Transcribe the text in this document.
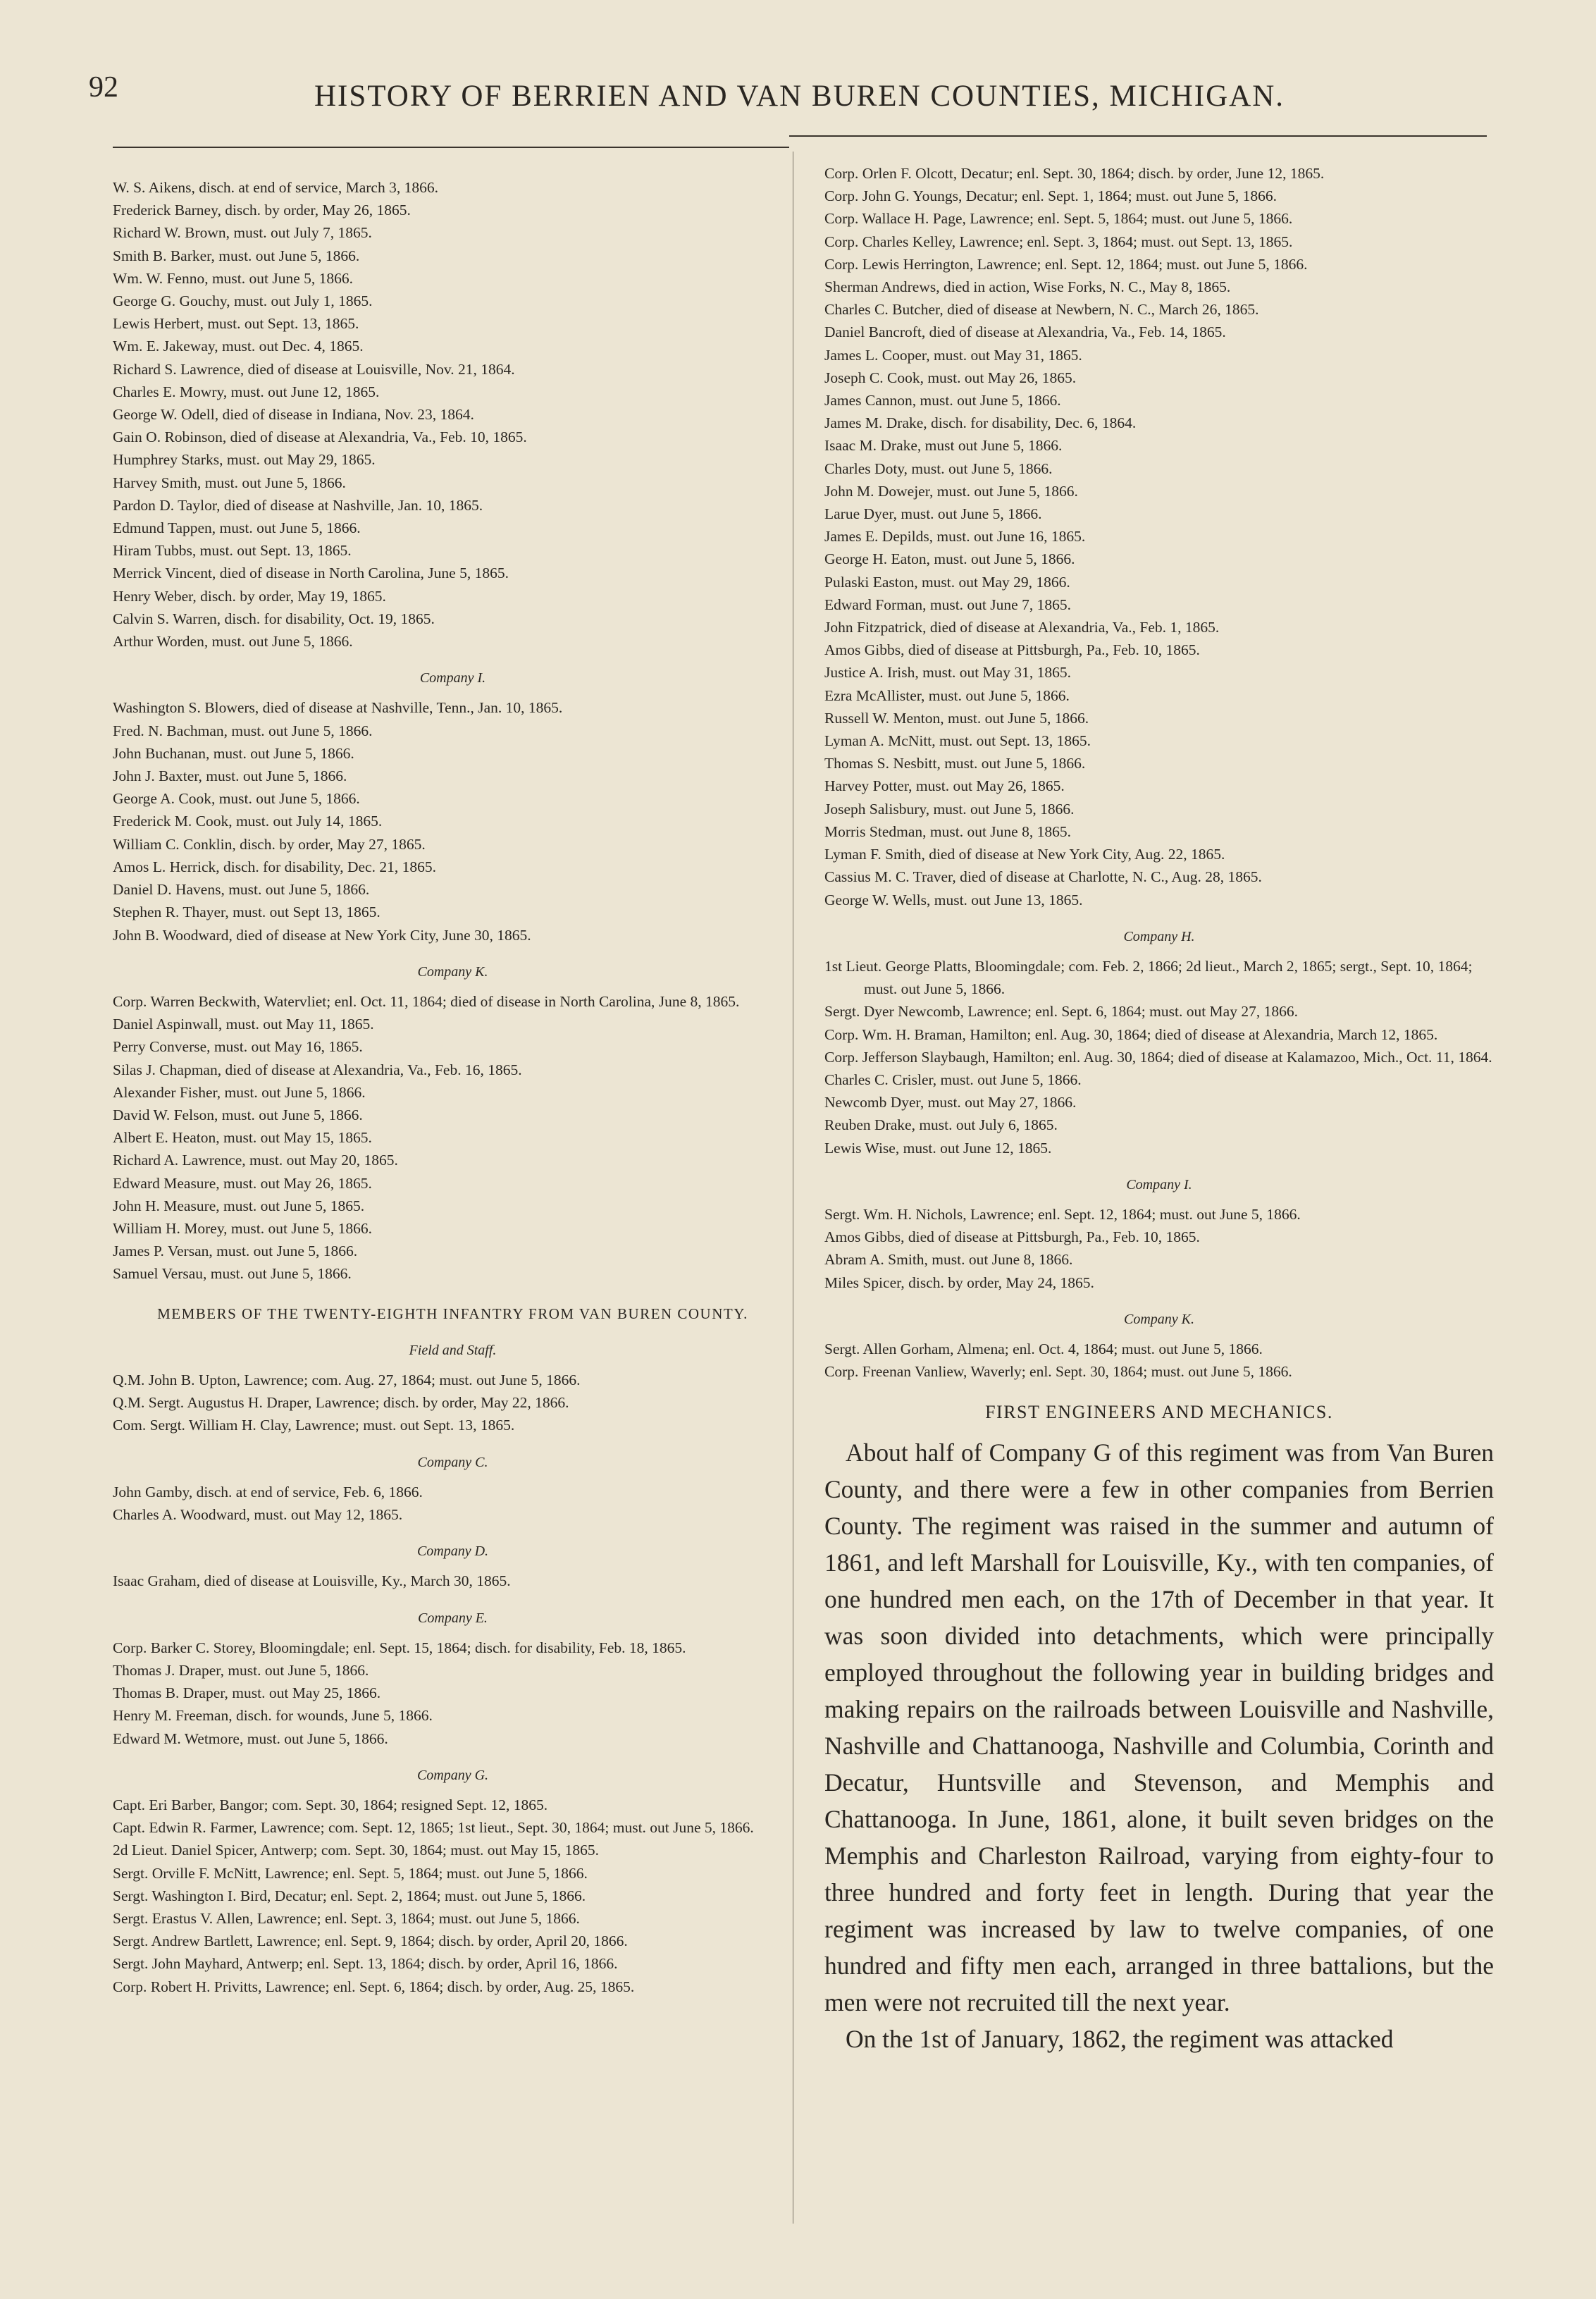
92	HISTORY OF BERRIEN AND VAN BUREN COUNTIES, MICHIGAN.

W. S. Aikens, disch. at end of service, March 3, 1866.

Frederick Barney, disch. by order, May 26, 1865.

Richard W. Brown, must. out July 7, 1865.

Smith B. Barker, must. out June 5, 1866.

Wm. W. Fenno, must. out June 5, 1866.

George G. Gouchy, must. out July 1, 1865.

Lewis Herbert, must. out Sept. 13, 1865.

Wm. E. Jakeway, must. out Dec. 4, 1865.

Richard S. Lawrence, died of disease at Louisville, Nov. 21, 1864.

Charles E. Mowry, must. out June 12, 1865.

George W. Odell, died of disease in Indiana, Nov. 23, 1864.

Gain O. Robinson, died of disease at Alexandria, Va., Feb. 10, 1865.

Humphrey Starks, must. out May 29, 1865.

Harvey Smith, must. out June 5, 1866.

Pardon D. Taylor, died of disease at Nashville, Jan. 10, 1865.

Edmund Tappen, must. out June 5, 1866.

Hiram Tubbs, must. out Sept. 13, 1865.

Merrick Vincent, died of disease in North Carolina, June 5, 1865.

Henry Weber, disch. by order, May 19, 1865.

Calvin S. Warren, disch. for disability, Oct. 19, 1865.

Arthur Worden, must. out June 5, 1866.

Company I.

Washington S. Blowers, died of disease at Nashville, Tenn., Jan. 10, 1865.

Fred. N. Bachman, must. out June 5, 1866.

John Buchanan, must. out June 5, 1866.

John J. Baxter, must. out June 5, 1866.

George A. Cook, must. out June 5, 1866.

Frederick M. Cook, must. out July 14, 1865.

William C. Conklin, disch. by order, May 27, 1865.

Amos L. Herrick, disch. for disability, Dec. 21, 1865.

Daniel D. Havens, must. out June 5, 1866.

Stephen R. Thayer, must. out Sept 13, 1865.

John B. Woodward, died of disease at New York City, June 30, 1865.

Company K.

Corp. Warren Beckwith, Watervliet; enl. Oct. 11, 1864; died of disease in North Carolina, June 8, 1865.

Daniel Aspinwall, must. out May 11, 1865.

Perry Converse, must. out May 16, 1865.

Silas J. Chapman, died of disease at Alexandria, Va., Feb. 16, 1865.

Alexander Fisher, must. out June 5, 1866.

David W. Felson, must. out June 5, 1866.

Albert E. Heaton, must. out May 15, 1865.

Richard A. Lawrence, must. out May 20, 1865.

Edward Measure, must. out May 26, 1865.

John H. Measure, must. out June 5, 1865.

William H. Morey, must. out June 5, 1866.

James P. Versan, must. out June 5, 1866.

Samuel Versau, must. out June 5, 1866.

MEMBERS OF THE TWENTY-EIGHTH INFANTRY FROM VAN BUREN COUNTY.

Field and Staff.

Q.M. John B. Upton, Lawrence; com. Aug. 27, 1864; must. out June 5, 1866.

Q.M. Sergt. Augustus H. Draper, Lawrence; disch. by order, May 22, 1866.

Com. Sergt. William H. Clay, Lawrence; must. out Sept. 13, 1865.

Company C.

John Gamby, disch. at end of service, Feb. 6, 1866.

Charles A. Woodward, must. out May 12, 1865.

Company D.

Isaac Graham, died of disease at Louisville, Ky., March 30, 1865.

Company E.

Corp. Barker C. Storey, Bloomingdale; enl. Sept. 15, 1864; disch. for disability, Feb. 18, 1865.

Thomas J. Draper, must. out June 5, 1866.

Thomas B. Draper, must. out May 25, 1866.

Henry M. Freeman, disch. for wounds, June 5, 1866.

Edward M. Wetmore, must. out June 5, 1866.

Company G.

Capt. Eri Barber, Bangor; com. Sept. 30, 1864; resigned Sept. 12, 1865.

Capt. Edwin R. Farmer, Lawrence; com. Sept. 12, 1865; 1st lieut., Sept. 30, 1864; must. out June 5, 1866.

2d Lieut. Daniel Spicer, Antwerp; com. Sept. 30, 1864; must. out May 15, 1865.

Sergt. Orville F. McNitt, Lawrence; enl. Sept. 5, 1864; must. out June 5, 1866.

Sergt. Washington I. Bird, Decatur; enl. Sept. 2, 1864; must. out June 5, 1866.

Sergt. Erastus V. Allen, Lawrence; enl. Sept. 3, 1864; must. out June 5, 1866.

Sergt. Andrew Bartlett, Lawrence; enl. Sept. 9, 1864; disch. by order, April 20, 1866.

Sergt. John Mayhard, Antwerp; enl. Sept. 13, 1864; disch. by order, April 16, 1866.

Corp. Robert H. Privitts, Lawrence; enl. Sept. 6, 1864; disch. by order, Aug. 25, 1865.

Corp. Orlen F. Olcott, Decatur; enl. Sept. 30, 1864; disch. by order, June 12, 1865.

Corp. John G. Youngs, Decatur; enl. Sept. 1, 1864; must. out June 5, 1866.

Corp. Wallace H. Page, Lawrence; enl. Sept. 5, 1864; must. out June 5, 1866.

Corp. Charles Kelley, Lawrence; enl. Sept. 3, 1864; must. out Sept. 13, 1865.

Corp. Lewis Herrington, Lawrence; enl. Sept. 12, 1864; must. out June 5, 1866.

Sherman Andrews, died in action, Wise Forks, N. C., May 8, 1865.

Charles C. Butcher, died of disease at Newbern, N. C., March 26, 1865.

Daniel Bancroft, died of disease at Alexandria, Va., Feb. 14, 1865.

James L. Cooper, must. out May 31, 1865.

Joseph C. Cook, must. out May 26, 1865.

James Cannon, must. out June 5, 1866.

James M. Drake, disch. for disability, Dec. 6, 1864.

Isaac M. Drake, must out June 5, 1866.

Charles Doty, must. out June 5, 1866.

John M. Dowejer, must. out June 5, 1866.

Larue Dyer, must. out June 5, 1866.

James E. Depilds, must. out June 16, 1865.

George H. Eaton, must. out June 5, 1866.

Pulaski Easton, must. out May 29, 1866.

Edward Forman, must. out June 7, 1865.

John Fitzpatrick, died of disease at Alexandria, Va., Feb. 1, 1865.

Amos Gibbs, died of disease at Pittsburgh, Pa., Feb. 10, 1865.

Justice A. Irish, must. out May 31, 1865.

Ezra McAllister, must. out June 5, 1866.

Russell W. Menton, must. out June 5, 1866.

Lyman A. McNitt, must. out Sept. 13, 1865.

Thomas S. Nesbitt, must. out June 5, 1866.

Harvey Potter, must. out May 26, 1865.

Joseph Salisbury, must. out June 5, 1866.

Morris Stedman, must. out June 8, 1865.

Lyman F. Smith, died of disease at New York City, Aug. 22, 1865.

Cassius M. C. Traver, died of disease at Charlotte, N. C., Aug. 28, 1865.

George W. Wells, must. out June 13, 1865.

Company H.

1st Lieut. George Platts, Bloomingdale; com. Feb. 2, 1866; 2d lieut., March 2, 1865; sergt., Sept. 10, 1864; must. out June 5, 1866.

Sergt. Dyer Newcomb, Lawrence; enl. Sept. 6, 1864; must. out May 27, 1866.

Corp. Wm. H. Braman, Hamilton; enl. Aug. 30, 1864; died of disease at Alexandria, March 12, 1865.

Corp. Jefferson Slaybaugh, Hamilton; enl. Aug. 30, 1864; died of disease at Kalamazoo, Mich., Oct. 11, 1864.

Charles C. Crisler, must. out June 5, 1866.

Newcomb Dyer, must. out May 27, 1866.

Reuben Drake, must. out July 6, 1865.

Lewis Wise, must. out June 12, 1865.

Company I.

Sergt. Wm. H. Nichols, Lawrence; enl. Sept. 12, 1864; must. out June 5, 1866.

Amos Gibbs, died of disease at Pittsburgh, Pa., Feb. 10, 1865.

Abram A. Smith, must. out June 8, 1866.

Miles Spicer, disch. by order, May 24, 1865.

Company K.

Sergt. Allen Gorham, Almena; enl. Oct. 4, 1864; must. out June 5, 1866.

Corp. Freenan Vanliew, Waverly; enl. Sept. 30, 1864; must. out June 5, 1866.

FIRST ENGINEERS AND MECHANICS.

About half of Company G of this regiment was from Van Buren County, and there were a few in other companies from Berrien County. The regiment was raised in the summer and autumn of 1861, and left Marshall for Louisville, Ky., with ten companies, of one hundred men each, on the 17th of December in that year. It was soon divided into detachments, which were principally employed throughout the following year in building bridges and making repairs on the railroads between Louisville and Nashville, Nashville and Chattanooga, Nashville and Columbia, Corinth and Decatur, Huntsville and Stevenson, and Memphis and Chattanooga. In June, 1861, alone, it built seven bridges on the Memphis and Charleston Railroad, varying from eighty-four to three hundred and forty feet in length. During that year the regiment was increased by law to twelve companies, of one hundred and fifty men each, arranged in three battalions, but the men were not recruited till the next year.

On the 1st of January, 1862, the regiment was attacked
